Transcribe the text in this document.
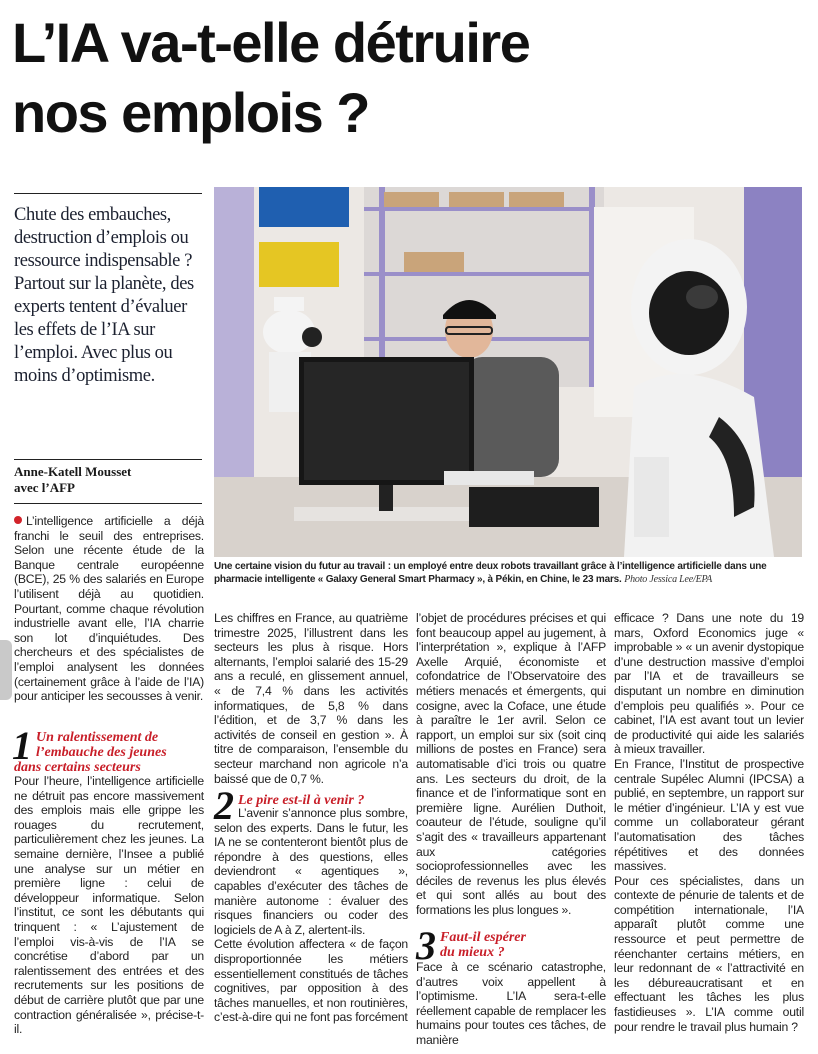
L’IA va-t-elle détruire
nos emplois ?
Chute des embauches, destruction d’emplois ou ressource indispensable ? Partout sur la planète, des experts tentent d’évaluer les effets de l’IA sur l’emploi. Avec plus ou moins d’optimisme.
Anne-Katell Mousset
avec l’AFP

L’intelligence artificielle a déjà franchi le seuil des entreprises. Selon une récente étude de la Banque centrale européenne (BCE), 25 % des salariés en Europe l’utilisent déjà au quotidien. Pourtant, comme chaque révolution industrielle avant elle, l’IA charrie son lot d’inquiétudes. Des chercheurs et des spécialistes de l’emploi analysent les données (certainement grâce à l’aide de l’IA) pour anticiper les secousses à venir.

1 Un ralentissement de
l’embauche des jeunes
dans certains secteurs

Pour l’heure, l’intelligence artificielle ne détruit pas encore massivement des emplois mais elle grippe les rouages du recrutement, particulièrement chez les jeunes. La semaine dernière, l’Insee a publié une analyse sur un métier en première ligne : celui de développeur informatique. Selon l’institut, ce sont les débutants qui trinquent : « L’ajustement de l’emploi vis-à-vis de l’IA se concrétise d’abord par un ralentissement des entrées et des recrutements sur les positions de début de carrière plutôt que par une contraction généralisée », précise-t-il.

Une certaine vision du futur au travail : un employé entre deux robots travaillant grâce à l’intelligence artificielle dans une pharmacie intelligente « Galaxy General Smart Pharmacy », à Pékin, en Chine, le 23 mars. Photo Jessica Lee/EPA

Les chiffres en France, au quatrième trimestre 2025, l’illustrent dans les secteurs les plus à risque. Hors alternants, l’emploi salarié des 15-29 ans a reculé, en glissement annuel, « de 7,4 % dans les activités informatiques, de 5,8 % dans l’édition, et de 3,7 % dans les activités de conseil en gestion ». À titre de comparaison, l’ensemble du secteur marchand non agricole n’a baissé que de 0,7 %.

2 Le pire est-il à venir ?

L’avenir s’annonce plus sombre, selon des experts. Dans le futur, les IA ne se contenteront bientôt plus de répondre à des questions, elles deviendront « agentiques », capables d’exécuter des tâches de manière autonome : évaluer des risques financiers ou coder des logiciels de A à Z, alertent-ils.

Cette évolution affectera « de façon disproportionnée les métiers essentiellement constitués de tâches cognitives, par opposition à des tâches manuelles, et non routinières, c’est-à-dire qui ne font pas forcément

l’objet de procédures précises et qui font beaucoup appel au jugement, à l’interprétation », explique à l’AFP Axelle Arquié, économiste et cofondatrice de l’Observatoire des métiers menacés et émergents, qui cosigne, avec la Coface, une étude à paraître le 1er avril. Selon ce rapport, un emploi sur six (soit cinq millions de postes en France) sera automatisable d’ici trois ou quatre ans. Les secteurs du droit, de la finance et de l’informatique sont en première ligne. Aurélien Duthoit, coauteur de l’étude, souligne qu’il s’agit des « travailleurs appartenant aux catégories socioprofessionnelles avec les déciles de revenus les plus élevés et qui sont allés au bout des formations les plus longues ».

3 Faut-il espérer
du mieux ?

Face à ce scénario catastrophe, d’autres voix appellent à l’optimisme. L’IA sera-t-elle réellement capable de remplacer les humains pour toutes ces tâches, de manière

efficace ? Dans une note du 19 mars, Oxford Economics juge « improbable » « un avenir dystopique d’une destruction massive d’emploi par l’IA et de travailleurs se disputant un nombre en diminution d’emplois peu qualifiés ». Pour ce cabinet, l’IA est avant tout un levier de productivité qui aide les salariés à mieux travailler.

En France, l’Institut de prospective centrale Supélec Alumni (IPCSA) a publié, en septembre, un rapport sur le métier d’ingénieur. L’IA y est vue comme un collaborateur gérant l’automatisation des tâches répétitives et des données massives.

Pour ces spécialistes, dans un contexte de pénurie de talents et de compétition internationale, l’IA apparaît plutôt comme une ressource et peut permettre de réenchanter certains métiers, en leur redonnant de « l’attractivité en les débureaucratisant et en effectuant les tâches les plus fastidieuses ». L’IA comme outil pour rendre le travail plus humain ?
